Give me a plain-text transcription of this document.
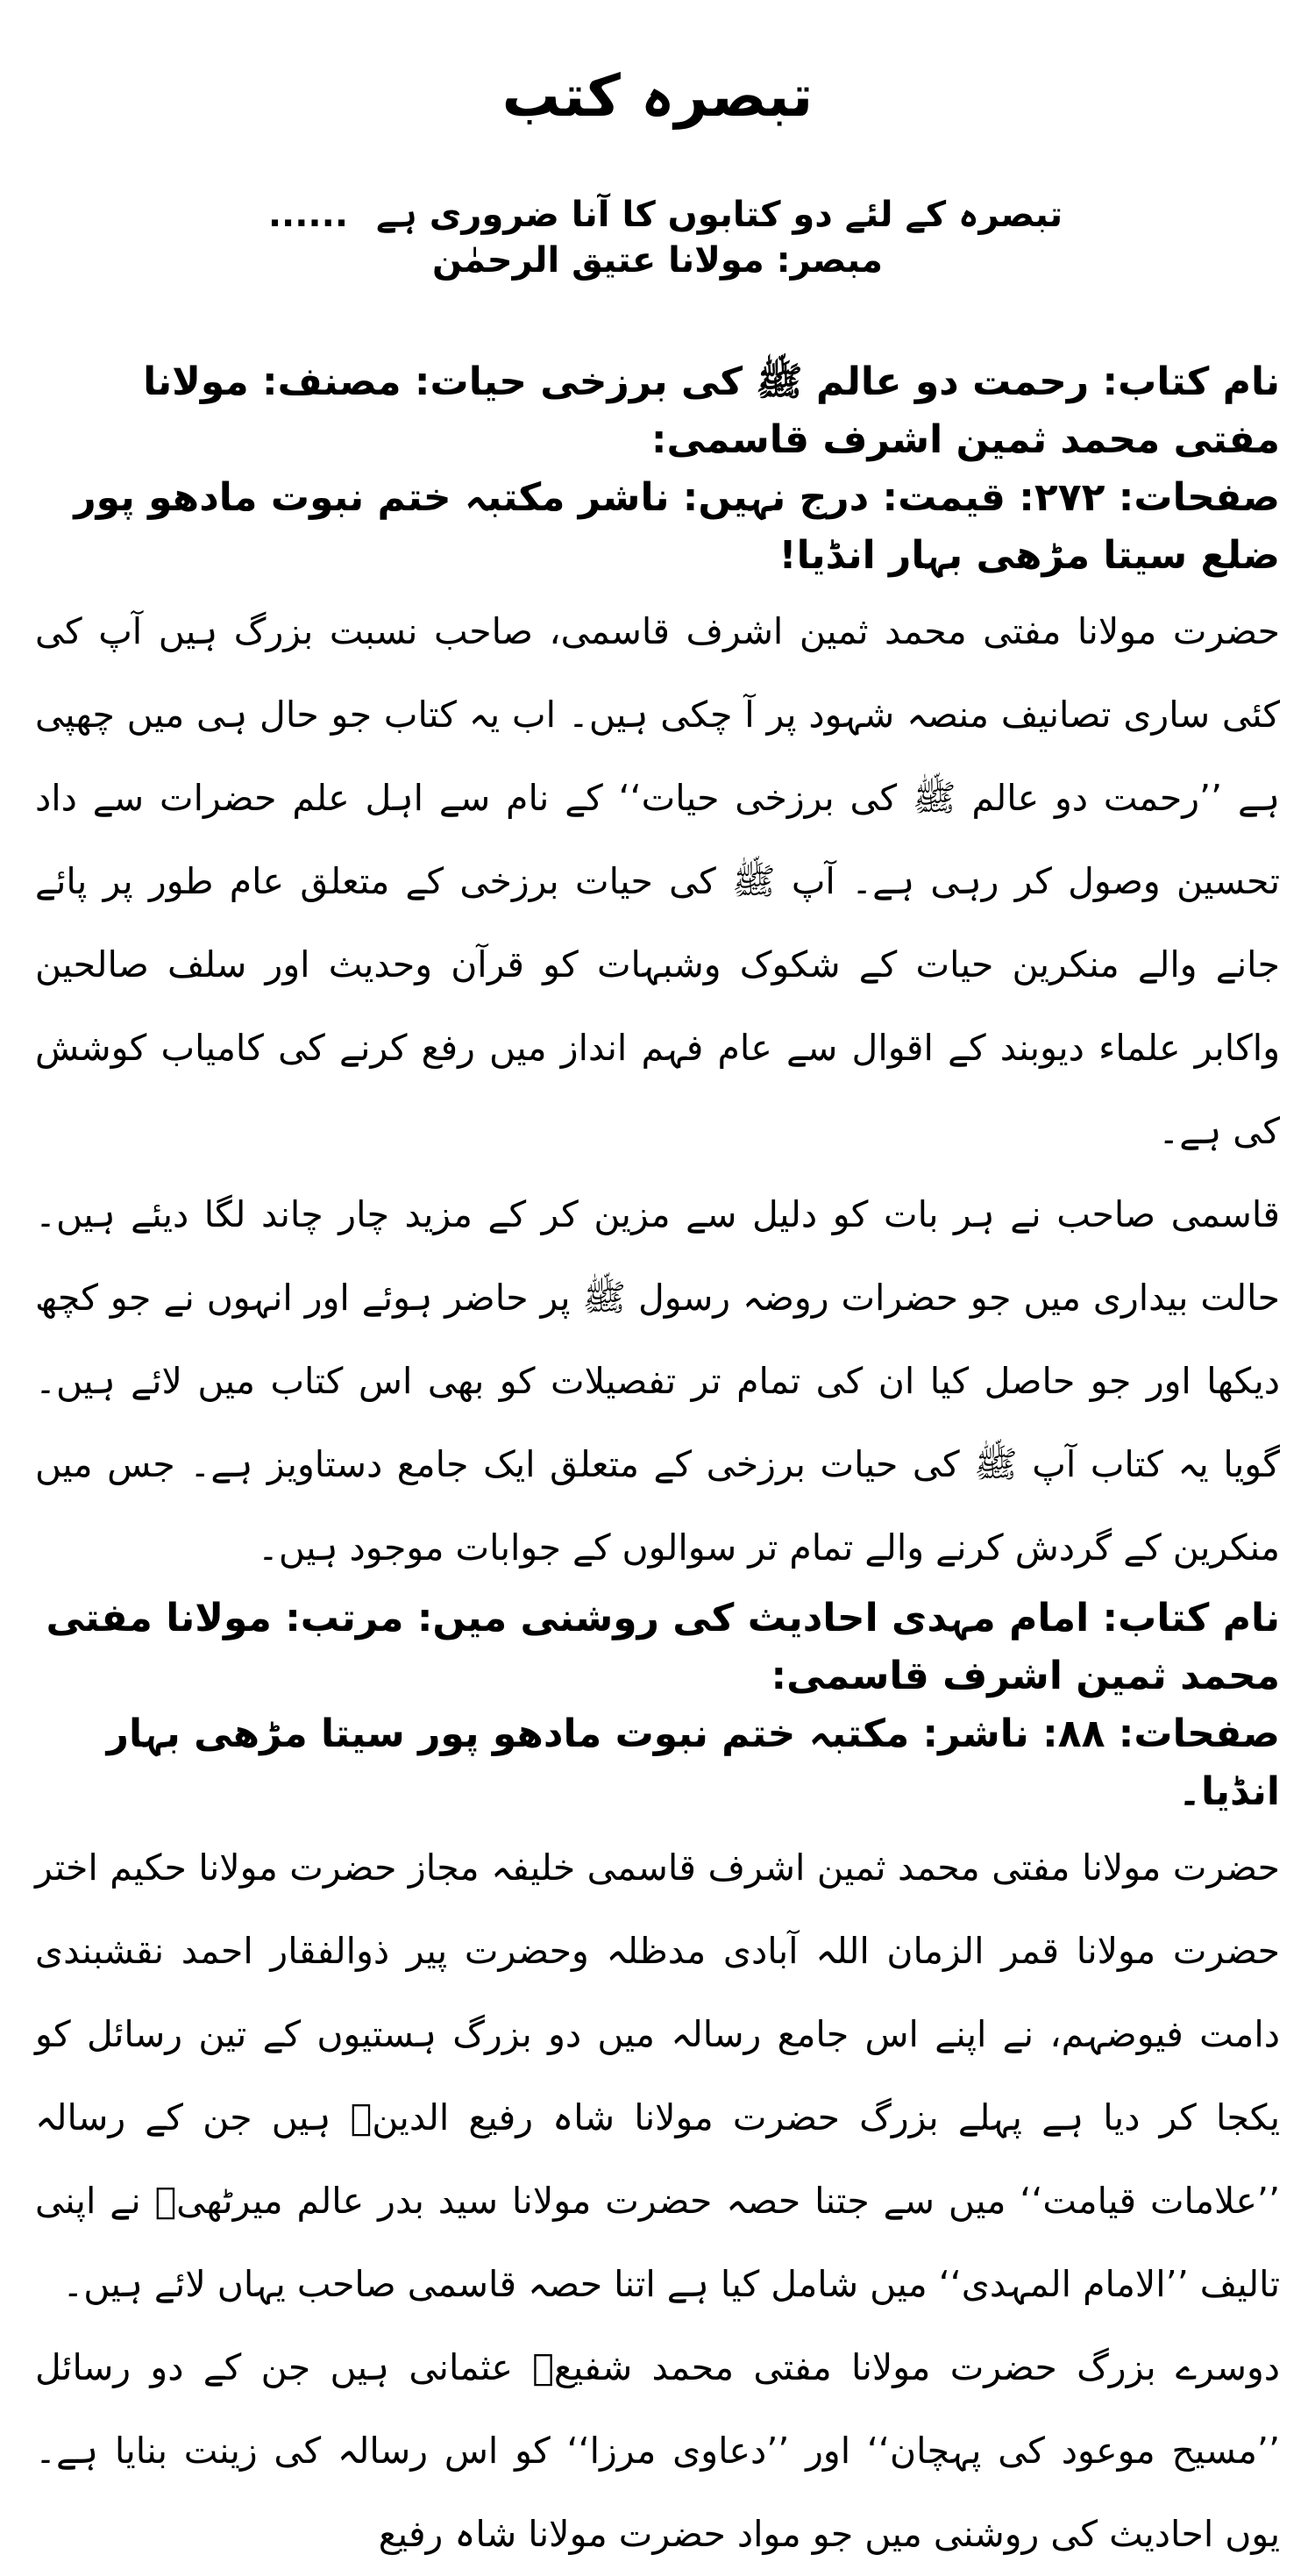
تبصرہ کتب
تبصرہ کے لئے دو کتابوں کا آنا ضروری ہے ...... مبصر: مولانا عتیق الرحمٰن

نام کتاب: رحمت دو عالم ﷺ کی برزخی حیات: مصنف: مولانا مفتی محمد ثمین اشرف قاسمی:

صفحات: ۲۷۲: قیمت: درج نہیں: ناشر مکتبہ ختم نبوت مادھو پور ضلع سیتا مڑھی بہار انڈیا!

حضرت مولانا مفتی محمد ثمین اشرف قاسمی، صاحب نسبت بزرگ ہیں آپ کی کئی ساری تصانیف منصہ شہود پر آ چکی ہیں۔ اب یہ کتاب جو حال ہی میں چھپی ہے ’’رحمت دو عالم ﷺ کی برزخی حیات‘‘ کے نام سے اہل علم حضرات سے داد تحسین وصول کر رہی ہے۔ آپ ﷺ کی حیات برزخی کے متعلق عام طور پر پائے جانے والے منکرین حیات کے شکوک وشبہات کو قرآن وحدیث اور سلف صالحین واکابر علماء دیوبند کے اقوال سے عام فہم انداز میں رفع کرنے کی کامیاب کوشش کی ہے۔

قاسمی صاحب نے ہر بات کو دلیل سے مزین کر کے مزید چار چاند لگا دیئے ہیں۔ حالت بیداری میں جو حضرات روضہ رسول ﷺ پر حاضر ہوئے اور انہوں نے جو کچھ دیکھا اور جو حاصل کیا ان کی تمام تر تفصیلات کو بھی اس کتاب میں لائے ہیں۔ گویا یہ کتاب آپ ﷺ کی حیات برزخی کے متعلق ایک جامع دستاویز ہے۔ جس میں منکرین کے گردش کرنے والے تمام تر سوالوں کے جوابات موجود ہیں۔

نام کتاب: امام مہدی احادیث کی روشنی میں: مرتب: مولانا مفتی محمد ثمین اشرف قاسمی:

صفحات: ۸۸: ناشر: مکتبہ ختم نبوت مادھو پور سیتا مڑھی بہار انڈیا۔

حضرت مولانا مفتی محمد ثمین اشرف قاسمی خلیفہ مجاز حضرت مولانا حکیم اختر حضرت مولانا قمر الزمان اللہ آبادی مدظلہ وحضرت پیر ذوالفقار احمد نقشبندی دامت فیوضہم، نے اپنے اس جامع رسالہ میں دو بزرگ ہستیوں کے تین رسائل کو یکجا کر دیا ہے پہلے بزرگ حضرت مولانا شاہ رفیع الدینؒ ہیں جن کے رسالہ ’’علامات قیامت‘‘ میں سے جتنا حصہ حضرت مولانا سید بدر عالم میرٹھیؒ نے اپنی تالیف ’’الامام المہدی‘‘ میں شامل کیا ہے اتنا حصہ قاسمی صاحب یہاں لائے ہیں۔

دوسرے بزرگ حضرت مولانا مفتی محمد شفیعؒ عثمانی ہیں جن کے دو رسائل ’’مسیح موعود کی پہچان‘‘ اور ’’دعاوی مرزا‘‘ کو اس رسالہ کی زینت بنایا ہے۔ یوں احادیث کی روشنی میں جو مواد حضرت مولانا شاہ رفیع
